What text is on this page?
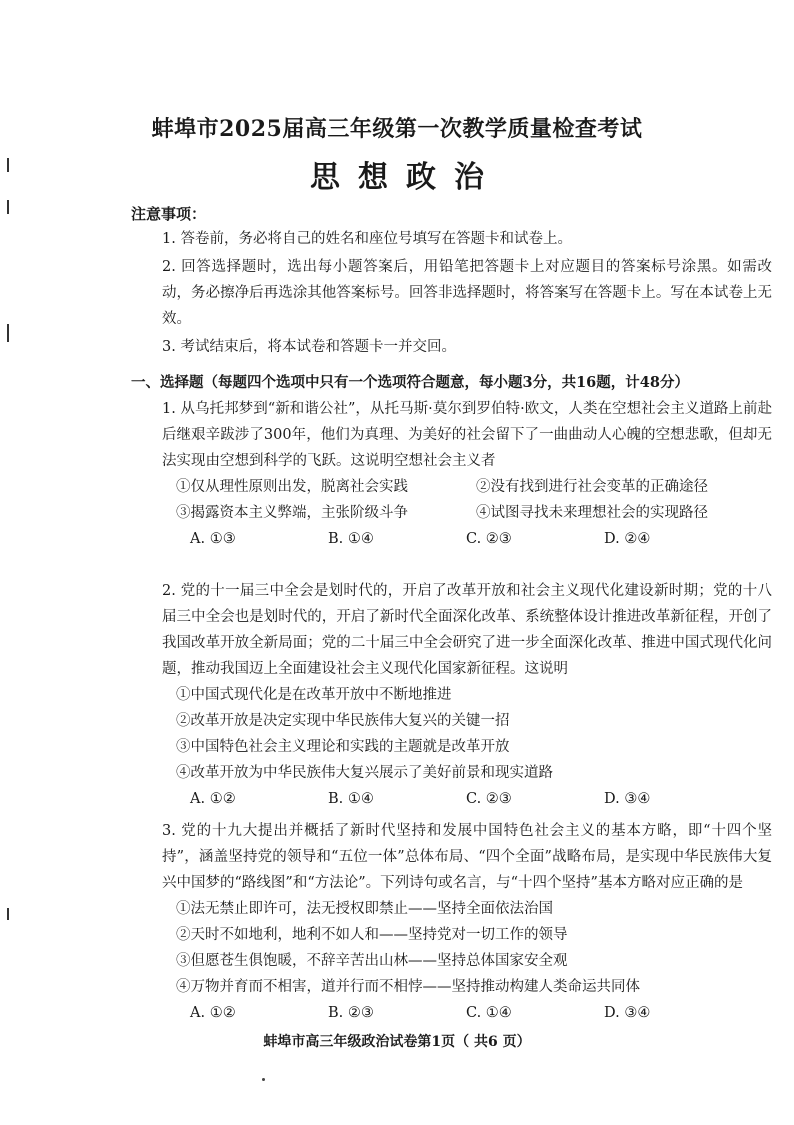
蚌埠市2025届高三年级第一次教学质量检查考试
思想政治
注意事项：
1. 答卷前，务必将自己的姓名和座位号填写在答题卡和试卷上。
2. 回答选择题时，选出每小题答案后，用铅笔把答题卡上对应题目的答案标号涂黑。如需改动，务必擦净后再选涂其他答案标号。回答非选择题时，将答案写在答题卡上。写在本试卷上无效。
3. 考试结束后，将本试卷和答题卡一并交回。
一、选择题（每题四个选项中只有一个选项符合题意，每小题3分，共16题，计48分）
1. 从乌托邦梦到“新和谐公社”，从托马斯·莫尔到罗伯特·欧文，人类在空想社会主义道路上前赴后继艰辛跋涉了300年，他们为真理、为美好的社会留下了一曲曲动人心魄的空想悲歌，但却无法实现由空想到科学的飞跃。这说明空想社会主义者
①仅从理性原则出发，脱离社会实践	②没有找到进行社会变革的正确途径
③揭露资本主义弊端，主张阶级斗争	④试图寻找未来理想社会的实现路径
A. ①③	B. ①④	C. ②③	D. ②④
2. 党的十一届三中全会是划时代的，开启了改革开放和社会主义现代化建设新时期；党的十八届三中全会也是划时代的，开启了新时代全面深化改革、系统整体设计推进改革新征程，开创了我国改革开放全新局面；党的二十届三中全会研究了进一步全面深化改革、推进中国式现代化问题，推动我国迈上全面建设社会主义现代化国家新征程。这说明
①中国式现代化是在改革开放中不断地推进
②改革开放是决定实现中华民族伟大复兴的关键一招
③中国特色社会主义理论和实践的主题就是改革开放
④改革开放为中华民族伟大复兴展示了美好前景和现实道路
A. ①②	B. ①④	C. ②③	D. ③④
3. 党的十九大提出并概括了新时代坚持和发展中国特色社会主义的基本方略，即“十四个坚持”，涵盖坚持党的领导和“五位一体”总体布局、“四个全面”战略布局，是实现中华民族伟大复兴中国梦的“路线图”和“方法论”。下列诗句或名言，与“十四个坚持”基本方略对应正确的是
①法无禁止即许可，法无授权即禁止——坚持全面依法治国
②天时不如地利，地利不如人和——坚持党对一切工作的领导
③但愿苍生俱饱暖，不辞辛苦出山林——坚持总体国家安全观
④万物并育而不相害，道并行而不相悖——坚持推动构建人类命运共同体
A. ①②	B. ②③	C. ①④	D. ③④
蚌埠市高三年级政治试卷第1页（ 共6 页）
